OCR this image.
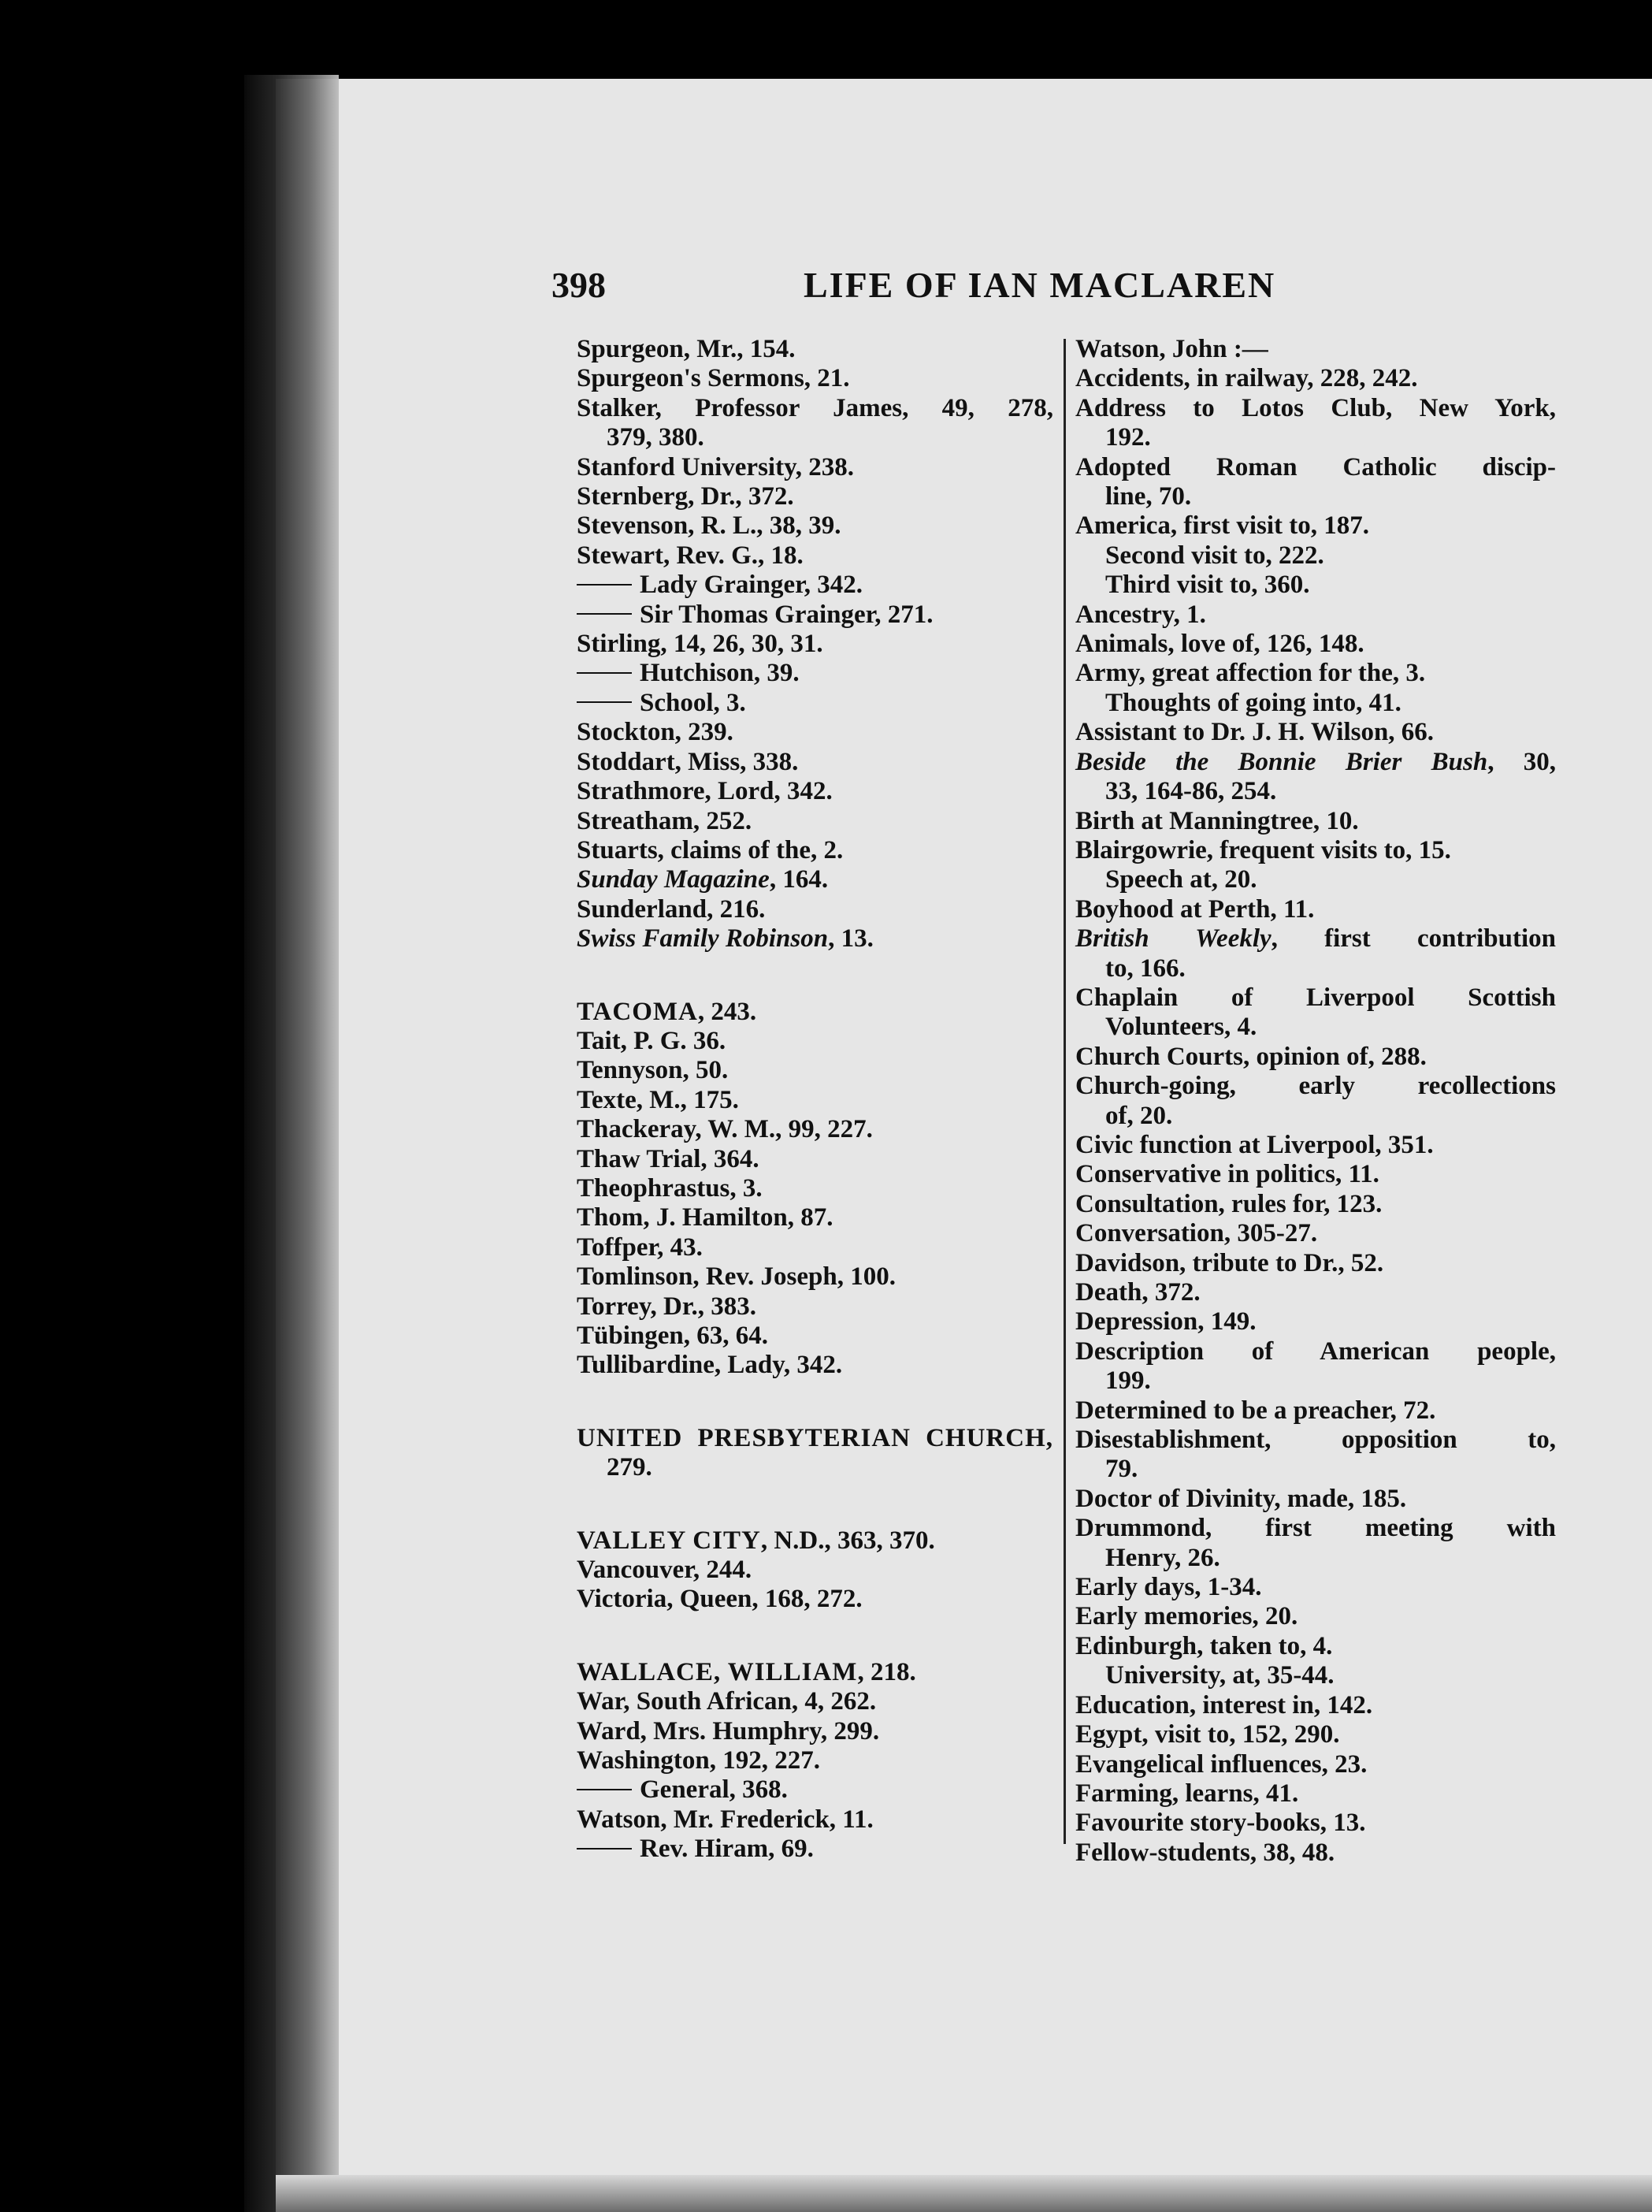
398	LIFE OF IAN MACLAREN
Spurgeon, Mr., 154.
Spurgeon's Sermons, 21.
Stalker, Professor James, 49, 278,
379, 380.
Stanford University, 238.
Sternberg, Dr., 372.
Stevenson, R. L., 38, 39.
Stewart, Rev. G., 18.
Lady Grainger, 342.
Sir Thomas Grainger, 271.
Stirling, 14, 26, 30, 31.
Hutchison, 39.
School, 3.
Stockton, 239.
Stoddart, Miss, 338.
Strathmore, Lord, 342.
Streatham, 252.
Stuarts, claims of the, 2.
Sunday Magazine, 164.
Sunderland, 216.
Swiss Family Robinson, 13.
TACOMA, 243.
Tait, P. G. 36.
Tennyson, 50.
Texte, M., 175.
Thackeray, W. M., 99, 227.
Thaw Trial, 364.
Theophrastus, 3.
Thom, J. Hamilton, 87.
Toffper, 43.
Tomlinson, Rev. Joseph, 100.
Torrey, Dr., 383.
Tübingen, 63, 64.
Tullibardine, Lady, 342.
UNITED PRESBYTERIAN CHURCH,
279.
VALLEY CITY, N.D., 363, 370.
Vancouver, 244.
Victoria, Queen, 168, 272.
WALLACE, WILLIAM, 218.
War, South African, 4, 262.
Ward, Mrs. Humphry, 299.
Washington, 192, 227.
General, 368.
Watson, Mr. Frederick, 11.
Rev. Hiram, 69.
Watson, John :—
Accidents, in railway, 228, 242.
Address to Lotos Club, New York,
192.
Adopted Roman Catholic discip-
line, 70.
America, first visit to, 187.
Second visit to, 222.
Third visit to, 360.
Ancestry, 1.
Animals, love of, 126, 148.
Army, great affection for the, 3.
Thoughts of going into, 41.
Assistant to Dr. J. H. Wilson, 66.
Beside the Bonnie Brier Bush, 30,
33, 164-86, 254.
Birth at Manningtree, 10.
Blairgowrie, frequent visits to, 15.
Speech at, 20.
Boyhood at Perth, 11.
British Weekly, first contribution
to, 166.
Chaplain of Liverpool Scottish
Volunteers, 4.
Church Courts, opinion of, 288.
Church-going, early recollections
of, 20.
Civic function at Liverpool, 351.
Conservative in politics, 11.
Consultation, rules for, 123.
Conversation, 305-27.
Davidson, tribute to Dr., 52.
Death, 372.
Depression, 149.
Description of American people,
199.
Determined to be a preacher, 72.
Disestablishment, opposition to,
79.
Doctor of Divinity, made, 185.
Drummond, first meeting with
Henry, 26.
Early days, 1-34.
Early memories, 20.
Edinburgh, taken to, 4.
University, at, 35-44.
Education, interest in, 142.
Egypt, visit to, 152, 290.
Evangelical influences, 23.
Farming, learns, 41.
Favourite story-books, 13.
Fellow-students, 38, 48.
